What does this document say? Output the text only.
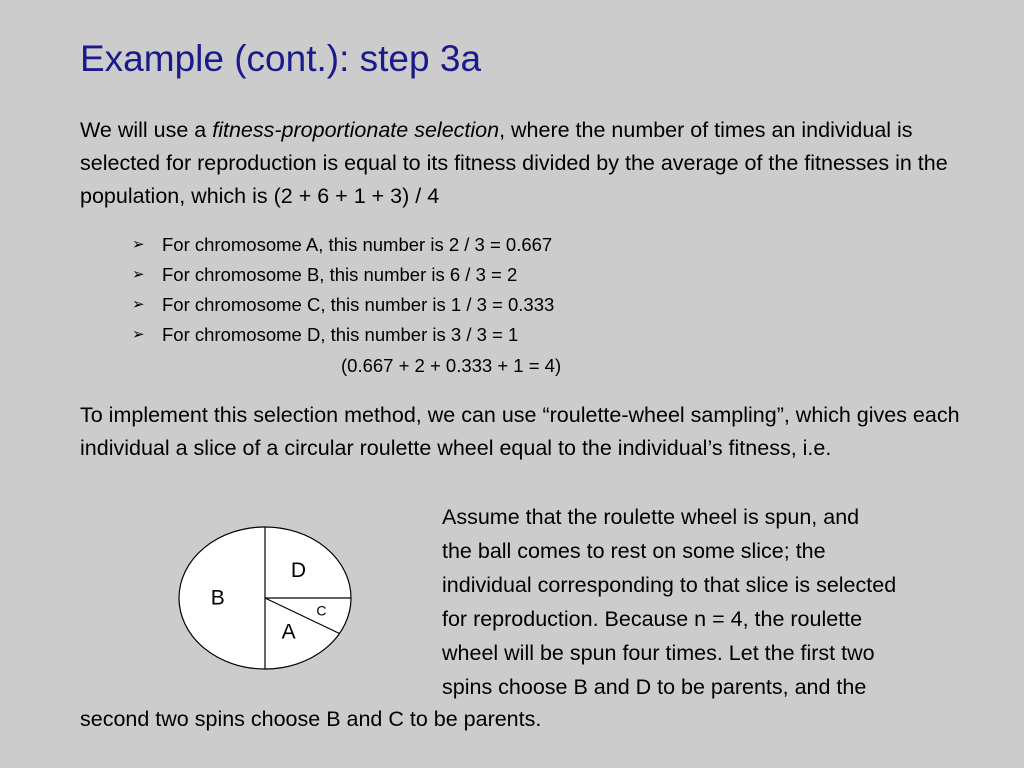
Example (cont.): step 3a

We will use a fitness-proportionate selection, where the number of times an individual is selected for reproduction is equal to its fitness divided by the average of the fitnesses in the population, which is (2 + 6 + 1 + 3) / 4

➢ For chromosome A, this number is 2 / 3 = 0.667
➢ For chromosome B, this number is 6 / 3 = 2
➢ For chromosome C, this number is 1 / 3 = 0.333
➢ For chromosome D, this number is 3 / 3 = 1
(0.667 + 2 + 0.333 + 1 = 4)

To implement this selection method, we can use “roulette-wheel sampling”, which gives each individual a slice of a circular roulette wheel equal to the individual’s fitness, i.e.

D
C
A
B

Assume that the roulette wheel is spun, and
the ball comes to rest on some slice; the
individual corresponding to that slice is selected
for reproduction. Because n = 4, the roulette
wheel will be spun four times. Let the first two
spins choose B and D to be parents, and the

second two spins choose B and C to be parents.
